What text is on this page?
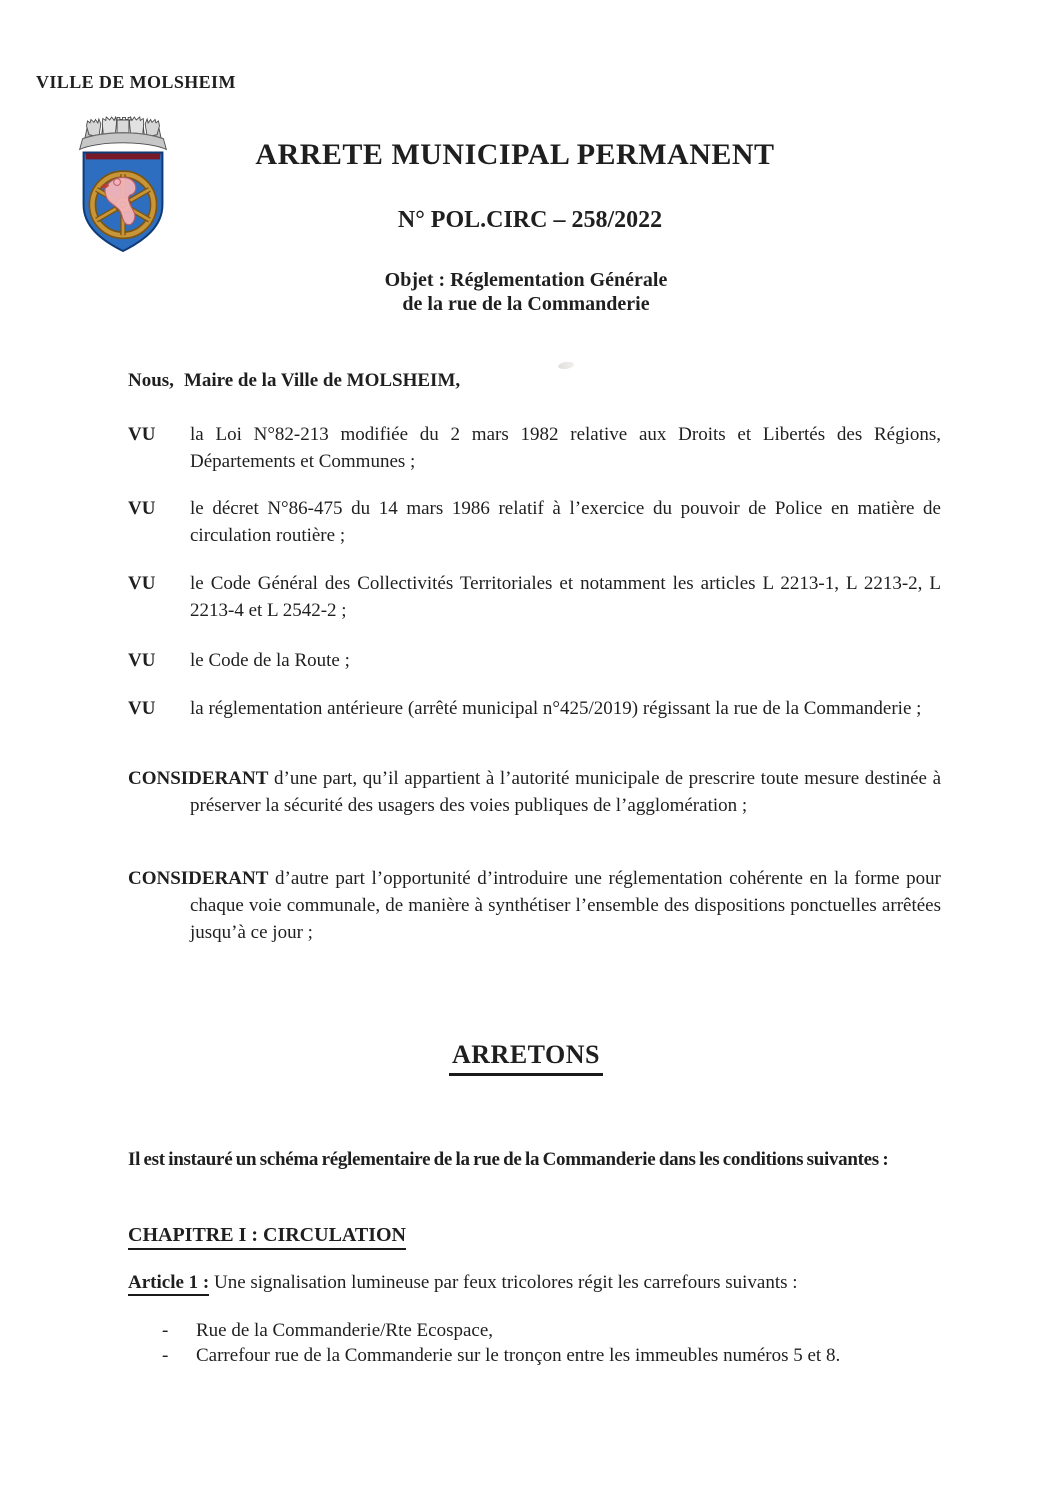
VILLE DE MOLSHEIM
ARRETE MUNICIPAL PERMANENT
N° POL.CIRC – 258/2022
Objet : Réglementation Générale
de la rue de la Commanderie
Nous, Maire de la Ville de MOLSHEIM,
VU la Loi N°82-213 modifiée du 2 mars 1982 relative aux Droits et Libertés des Régions, Départements et Communes ;
VU le décret N°86-475 du 14 mars 1986 relatif à l’exercice du pouvoir de Police en matière de circulation routière ;
VU le Code Général des Collectivités Territoriales et notamment les articles L 2213-1, L 2213-2, L 2213-4 et L 2542-2 ;
VU le Code de la Route ;
VU la réglementation antérieure (arrêté municipal n°425/2019) régissant la rue de la Commanderie ;
CONSIDERANT d’une part, qu’il appartient à l’autorité municipale de prescrire toute mesure destinée à préserver la sécurité des usagers des voies publiques de l’agglomération ;
CONSIDERANT d’autre part l’opportunité d’introduire une réglementation cohérente en la forme pour chaque voie communale, de manière à synthétiser l’ensemble des dispositions ponctuelles arrêtées jusqu’à ce jour ;
ARRETONS
Il est instauré un schéma réglementaire de la rue de la Commanderie dans les conditions suivantes :
CHAPITRE I : CIRCULATION
Article 1 : Une signalisation lumineuse par feux tricolores régit les carrefours suivants :
- Rue de la Commanderie/Rte Ecospace,
- Carrefour rue de la Commanderie sur le tronçon entre les immeubles numéros 5 et 8.
